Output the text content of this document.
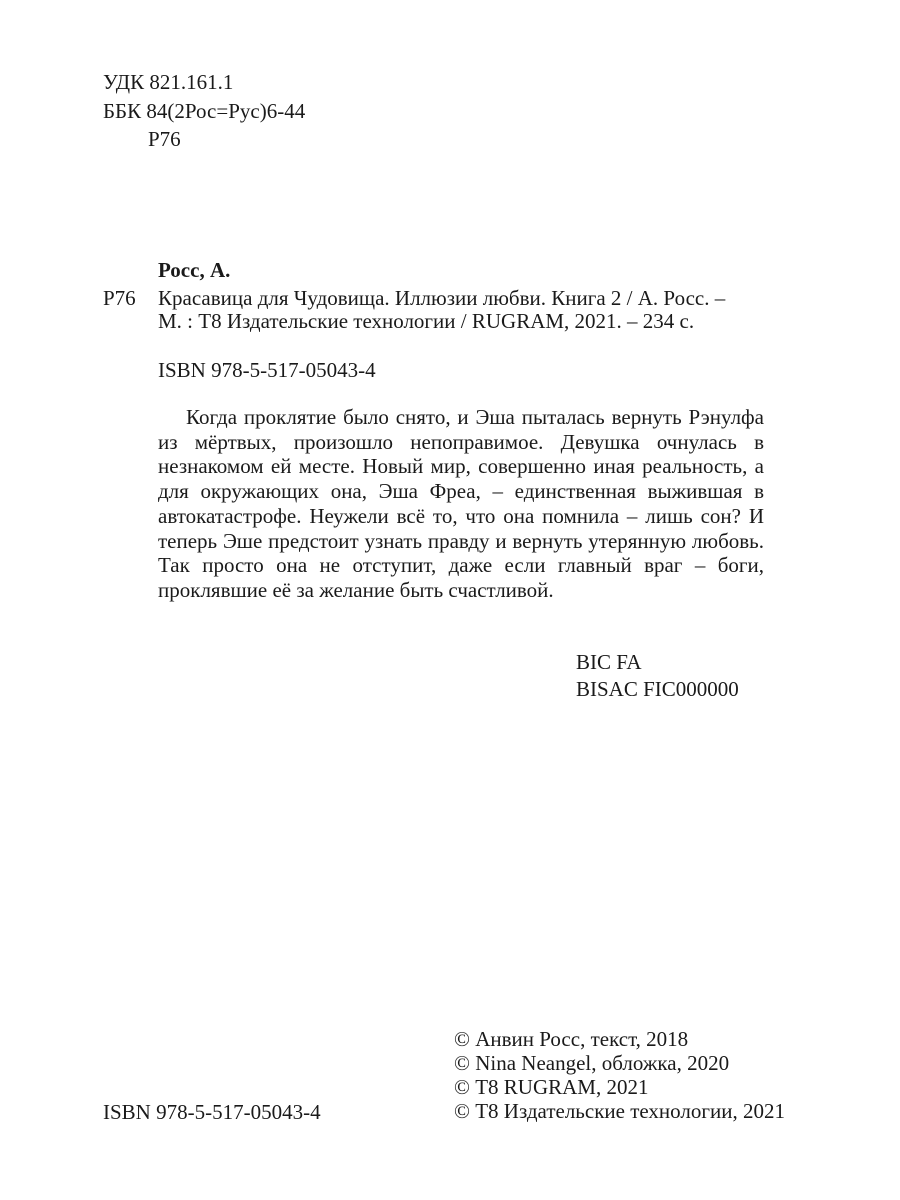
УДК 821.161.1
ББК 84(2Рос=Рус)6-44
Р76
Росс, А.
Р76 Красавица для Чудовища. Иллюзии любви. Книга 2 / А. Росс. –
М. : Т8 Издательские технологии / RUGRAM, 2021. – 234 с.
ISBN 978-5-517-05043-4

Когда проклятие было снято, и Эша пыталась вернуть Рэнулфа из мёртвых, произошло непоправимое. Девушка очнулась в незнакомом ей месте. Новый мир, совершенно иная реальность, а для окружающих она, Эша Фреа, – единственная выжившая в автокатастрофе. Неужели всё то, что она помнила – лишь сон? И теперь Эше предстоит узнать правду и вернуть утерянную любовь. Так просто она не отступит, даже если главный враг – боги, проклявшие её за желание быть счастливой.

BIC FA
BISAC FIC000000
ISBN 978-5-517-05043-4
© Анвин Росс, текст, 2018
© Nina Neangel, обложка, 2020
© Т8 RUGRAM, 2021
© Т8 Издательские технологии, 2021
